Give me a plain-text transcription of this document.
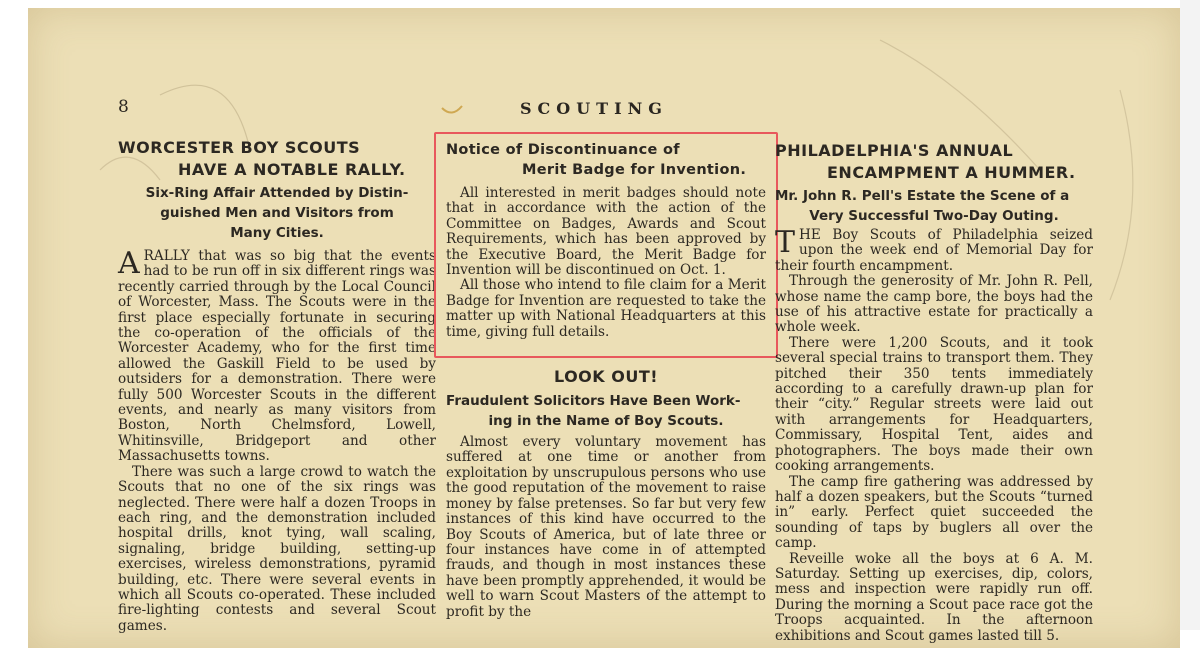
8	SCOUTING
WORCESTER BOY SCOUTS
HAVE A NOTABLE RALLY.
Six-Ring Affair Attended by Distin-
guished Men and Visitors from
Many Cities.
A RALLY that was so big that the events had to be run off in six different rings was recently carried through by the Local Council of Worcester, Mass. The Scouts were in the first place especially fortunate in securing the co-operation of the officials of the Worcester Academy, who for the first time allowed the Gaskill Field to be used by outsiders for a demonstration. There were fully 500 Worcester Scouts in the different events, and nearly as many visitors from Boston, North Chelmsford, Lowell, Whitinsville, Bridgeport and other Massachusetts towns.

There was such a large crowd to watch the Scouts that no one of the six rings was neglected. There were half a dozen Troops in each ring, and the demonstration included hospital drills, knot tying, wall scaling, signaling, bridge building, setting-up exercises, wireless demonstrations, pyramid building, etc. There were several events in which all Scouts co-operated. These included fire-lighting contests and several Scout games.

Notice of Discontinuance of
Merit Badge for Invention.

All interested in merit badges should note that in accordance with the action of the Committee on Badges, Awards and Scout Requirements, which has been approved by the Executive Board, the Merit Badge for Invention will be discontinued on Oct. 1.

All those who intend to file claim for a Merit Badge for Invention are requested to take the matter up with National Headquarters at this time, giving full details.

LOOK OUT!
Fraudulent Solicitors Have Been Work-
ing in the Name of Boy Scouts.

Almost every voluntary movement has suffered at one time or another from exploitation by unscrupulous persons who use the good reputation of the movement to raise money by false pretenses. So far but very few instances of this kind have occurred to the Boy Scouts of America, but of late three or four instances have come in of attempted frauds, and though in most instances these have been promptly apprehended, it would be well to warn Scout Masters of the attempt to profit by the

PHILADELPHIA'S ANNUAL
ENCAMPMENT A HUMMER.
Mr. John R. Pell's Estate the Scene of a
Very Successful Two-Day Outing.
T HE Boy Scouts of Philadelphia seized upon the week end of Memorial Day for their fourth encampment.

Through the generosity of Mr. John R. Pell, whose name the camp bore, the boys had the use of his attractive estate for practically a whole week.

There were 1,200 Scouts, and it took several special trains to transport them. They pitched their 350 tents immediately according to a carefully drawn-up plan for their “city.” Regular streets were laid out with arrangements for Headquarters, Commissary, Hospital Tent, aides and photographers. The boys made their own cooking arrangements.

The camp fire gathering was addressed by half a dozen speakers, but the Scouts “turned in” early. Perfect quiet succeeded the sounding of taps by buglers all over the camp.

Reveille woke all the boys at 6 A. M. Saturday. Setting up exercises, dip, colors, mess and inspection were rapidly run off. During the morning a Scout pace race got the Troops acquainted. In the afternoon exhibitions and Scout games lasted till 5.
